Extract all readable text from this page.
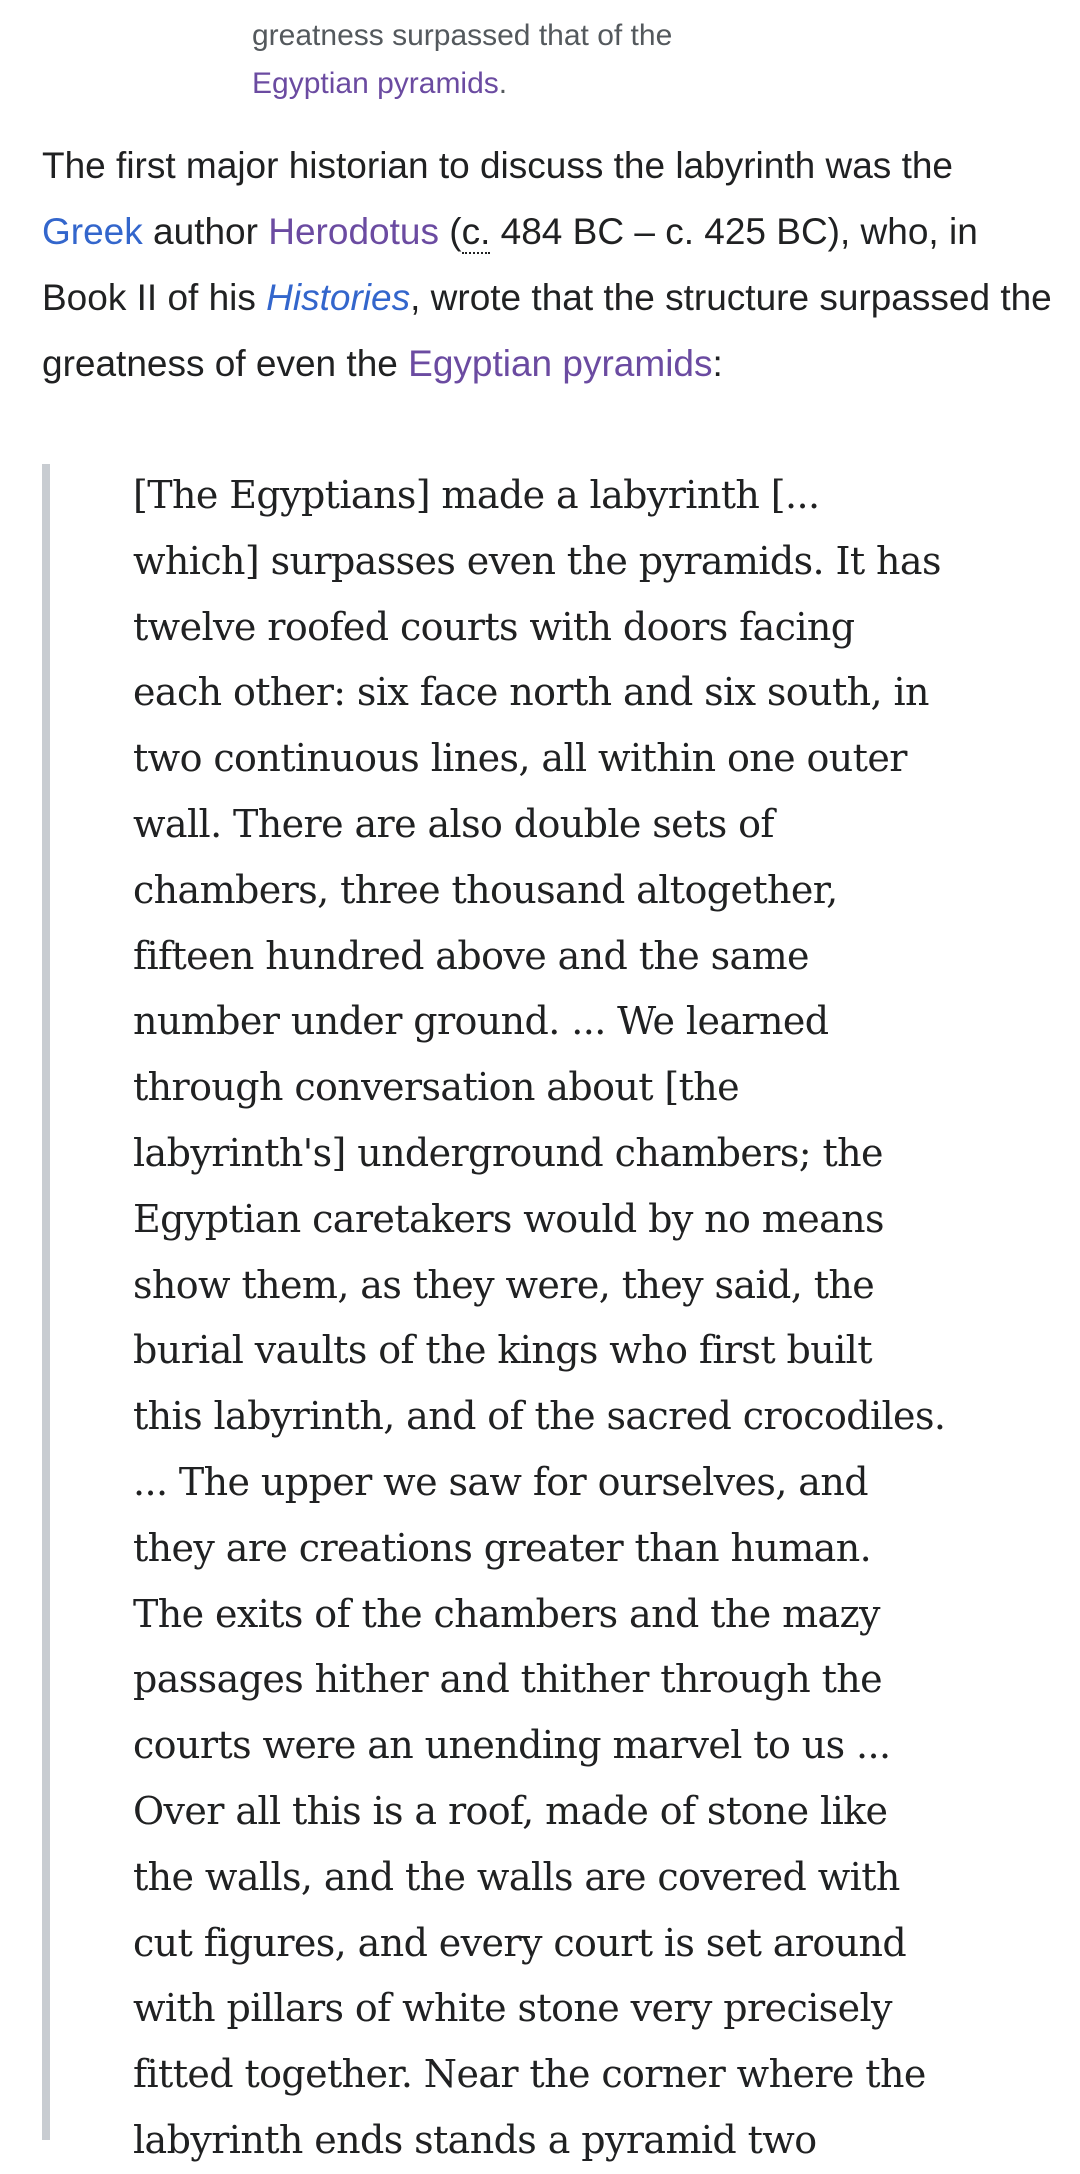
greatness surpassed that of the
Egyptian pyramids.
The first major historian to discuss the labyrinth was the Greek author Herodotus (c. 484 BC – c. 425 BC), who, in Book II of his Histories, wrote that the structure surpassed the greatness of even the Egyptian pyramids:
[The Egyptians] made a labyrinth [...
which] surpasses even the pyramids. It has
twelve roofed courts with doors facing
each other: six face north and six south, in
two continuous lines, all within one outer
wall. There are also double sets of
chambers, three thousand altogether,
fifteen hundred above and the same
number under ground. ... We learned
through conversation about [the
labyrinth's] underground chambers; the
Egyptian caretakers would by no means
show them, as they were, they said, the
burial vaults of the kings who first built
this labyrinth, and of the sacred crocodiles.
... The upper we saw for ourselves, and
they are creations greater than human.
The exits of the chambers and the mazy
passages hither and thither through the
courts were an unending marvel to us ...
Over all this is a roof, made of stone like
the walls, and the walls are covered with
cut figures, and every court is set around
with pillars of white stone very precisely
fitted together. Near the corner where the
labyrinth ends stands a pyramid two
